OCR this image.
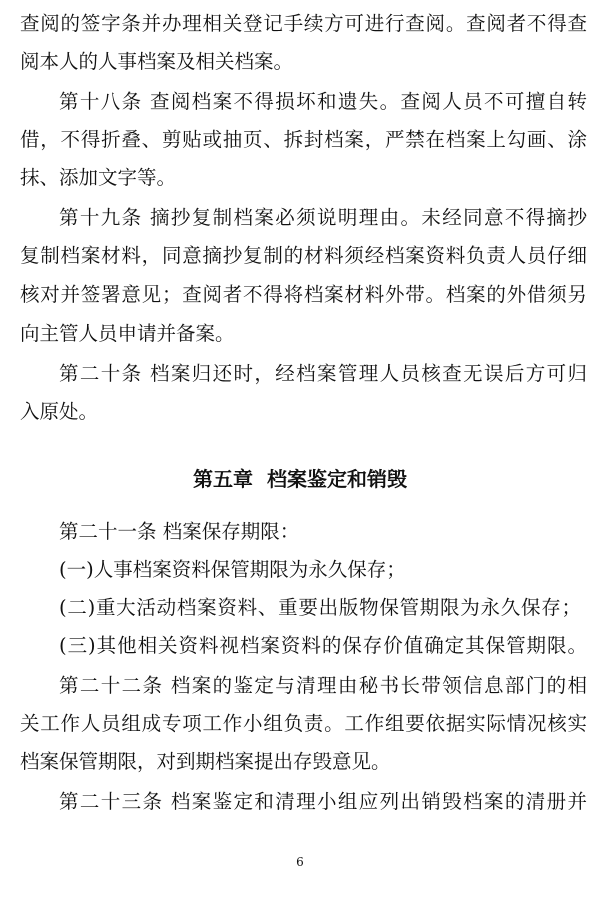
查阅的签字条并办理相关登记手续方可进行查阅。查阅者不得查
阅本人的人事档案及相关档案。
第十八条 查阅档案不得损坏和遗失。查阅人员不可擅自转
借，不得折叠、剪贴或抽页、拆封档案，严禁在档案上勾画、涂
抹、添加文字等。
第十九条 摘抄复制档案必须说明理由。未经同意不得摘抄
复制档案材料，同意摘抄复制的材料须经档案资料负责人员仔细
核对并签署意见；查阅者不得将档案材料外带。档案的外借须另
向主管人员申请并备案。
第二十条 档案归还时，经档案管理人员核查无误后方可归
入原处。
第五章  档案鉴定和销毁
第二十一条 档案保存期限：
(一)人事档案资料保管期限为永久保存；
(二)重大活动档案资料、重要出版物保管期限为永久保存；
(三)其他相关资料视档案资料的保存价值确定其保管期限。
第二十二条 档案的鉴定与清理由秘书长带领信息部门的相
关工作人员组成专项工作小组负责。工作组要依据实际情况核实
档案保管期限，对到期档案提出存毁意见。
第二十三条 档案鉴定和清理小组应列出销毁档案的清册并
6
